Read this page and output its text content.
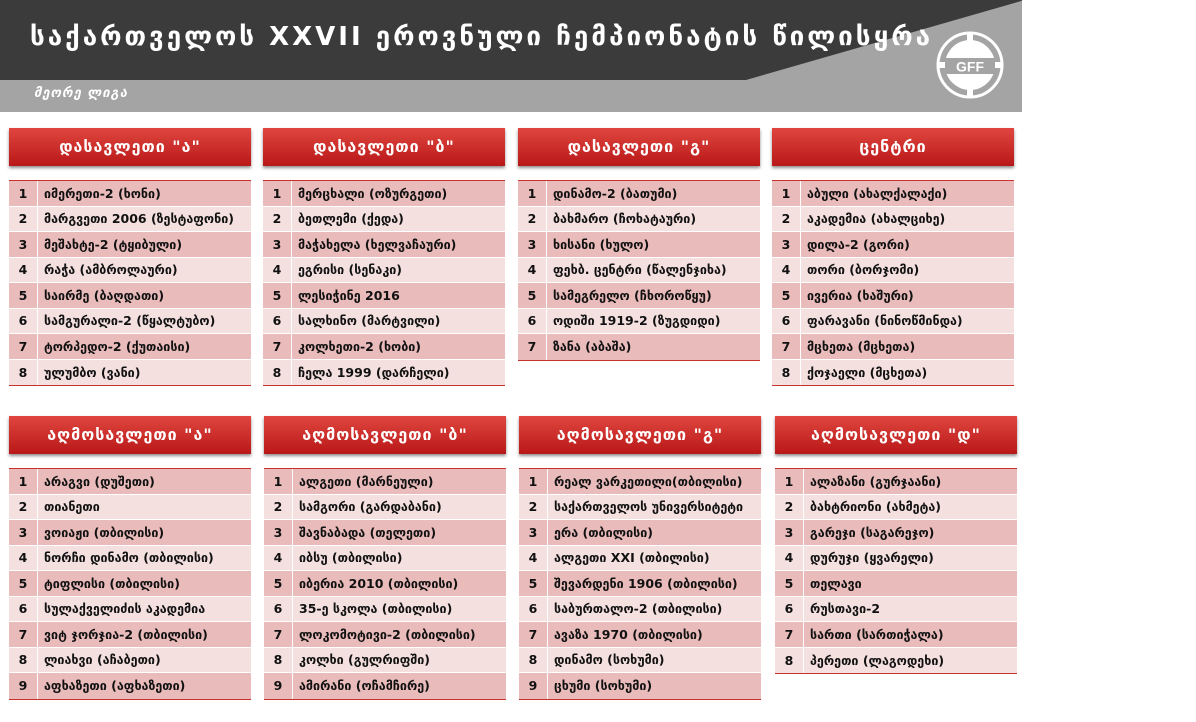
საქართველოს XXVII ეროვნული ჩემპიონატის წილისყრა
მეორე ლიგა
GFF
დასავლეთი "ა"
1	იმერეთი-2 (ხონი)
2	მარგვეთი 2006 (ზესტაფონი)
3	მეშახტე-2 (ტყიბული)
4	რაჭა (ამბროლაური)
5	საირმე (ბაღდათი)
6	სამგურალი-2 (წყალტუბო)
7	ტორპედო-2 (ქუთაისი)
8	ულუმბო (ვანი)
დასავლეთი "ბ"
1	მერცხალი (ოზურგეთი)
2	ბეთლემი (ქედა)
3	მაჭახელა (ხელვაჩაური)
4	ეგრისი (სენაკი)
5	ლესიჭინე 2016
6	სალხინო (მარტვილი)
7	კოლხეთი-2 (ხობი)
8	ჩელა 1999 (დარჩელი)
დასავლეთი "გ"
1	დინამო-2 (ბათუმი)
2	ბახმარო (ჩოხატაური)
3	ხისანი (ხულო)
4	ფეხბ. ცენტრი (წალენჯიხა)
5	სამეგრელო (ჩხოროწყუ)
6	ოდიში 1919-2 (ზუგდიდი)
7	ზანა (აბაშა)
ცენტრი
1	აბული (ახალქალაქი)
2	აკადემია (ახალციხე)
3	დილა-2 (გორი)
4	თორი (ბორჯომი)
5	ივერია (ხაშური)
6	ფარავანი (ნინოწმინდა)
7	მცხეთა (მცხეთა)
8	ქოჯაელი (მცხეთა)
აღმოსავლეთი "ა"
1	არაგვი (დუშეთი)
2	თიანეთი
3	ვოიაჟი (თბილისი)
4	ნორჩი დინამო (თბილისი)
5	ტიფლისი (თბილისი)
6	სულაქველიძის აკადემია
7	ვიტ ჯორჯია-2 (თბილისი)
8	ლიახვი (აჩაბეთი)
9	აფხაზეთი (აფხაზეთი)
აღმოსავლეთი "ბ"
1	ალგეთი (მარნეული)
2	სამგორი (გარდაბანი)
3	შავნაბადა (თელეთი)
4	იბსუ (თბილისი)
5	იბერია 2010 (თბილისი)
6	35-ე სკოლა (თბილისი)
7	ლოკომოტივი-2 (თბილისი)
8	კოლხი (გულრიფში)
9	ამირანი (ოჩამჩირე)
აღმოსავლეთი "გ"
1	რეალ ვარკეთილი(თბილისი)
2	საქართველოს უნივერსიტეტი
3	ერა (თბილისი)
4	ალგეთი XXI (თბილისი)
5	შევარდენი 1906 (თბილისი)
6	საბურთალო-2 (თბილისი)
7	ავაზა 1970 (თბილისი)
8	დინამო (სოხუმი)
9	ცხუმი (სოხუმი)
აღმოსავლეთი "დ"
1	ალაზანი (გურჯაანი)
2	ბახტრიონი (ახმეტა)
3	გარეჯი (საგარეჯო)
4	დურუჯი (ყვარელი)
5	თელავი
6	რუსთავი-2
7	სართი (სართიჭალა)
8	პერეთი (ლაგოდეხი)
